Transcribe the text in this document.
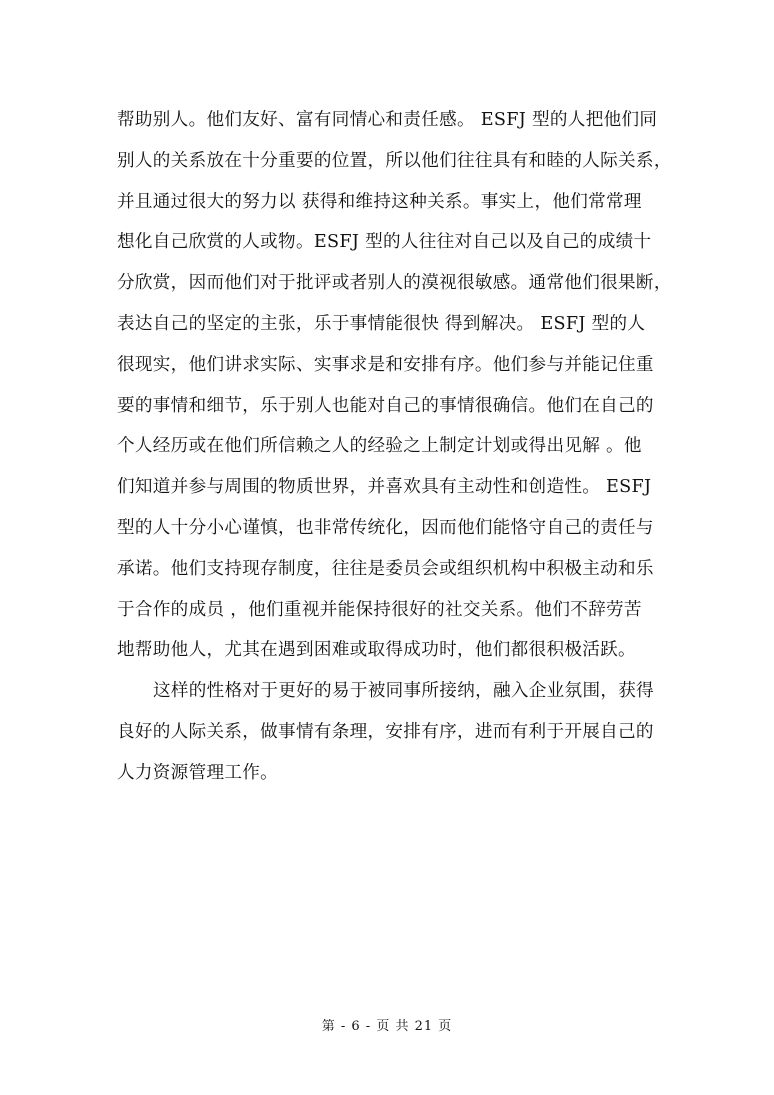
帮助别人。他们友好、富有同情心和责任感。 ESFJ 型的人把他们同
别人的关系放在十分重要的位置，所以他们往往具有和睦的人际关系，
并且通过很大的努力以 获得和维持这种关系。事实上，他们常常理
想化自己欣赏的人或物。ESFJ 型的人往往对自己以及自己的成绩十
分欣赏，因而他们对于批评或者别人的漠视很敏感。通常他们很果断，
表达自己的坚定的主张，乐于事情能很快 得到解决。 ESFJ 型的人
很现实，他们讲求实际、实事求是和安排有序。他们参与并能记住重
要的事情和细节，乐于别人也能对自己的事情很确信。他们在自己的
个人经历或在他们所信赖之人的经验之上制定计划或得出见解 。他
们知道并参与周围的物质世界，并喜欢具有主动性和创造性。 ESFJ
型的人十分小心谨慎，也非常传统化，因而他们能恪守自己的责任与
承诺。他们支持现存制度，往往是委员会或组织机构中积极主动和乐
于合作的成员 ，他们重视并能保持很好的社交关系。他们不辞劳苦
地帮助他人，尤其在遇到困难或取得成功时，他们都很积极活跃。
这样的性格对于更好的易于被同事所接纳，融入企业氛围，获得
良好的人际关系，做事情有条理，安排有序，进而有利于开展自己的
人力资源管理工作。
第 - 6 - 页 共 21 页
